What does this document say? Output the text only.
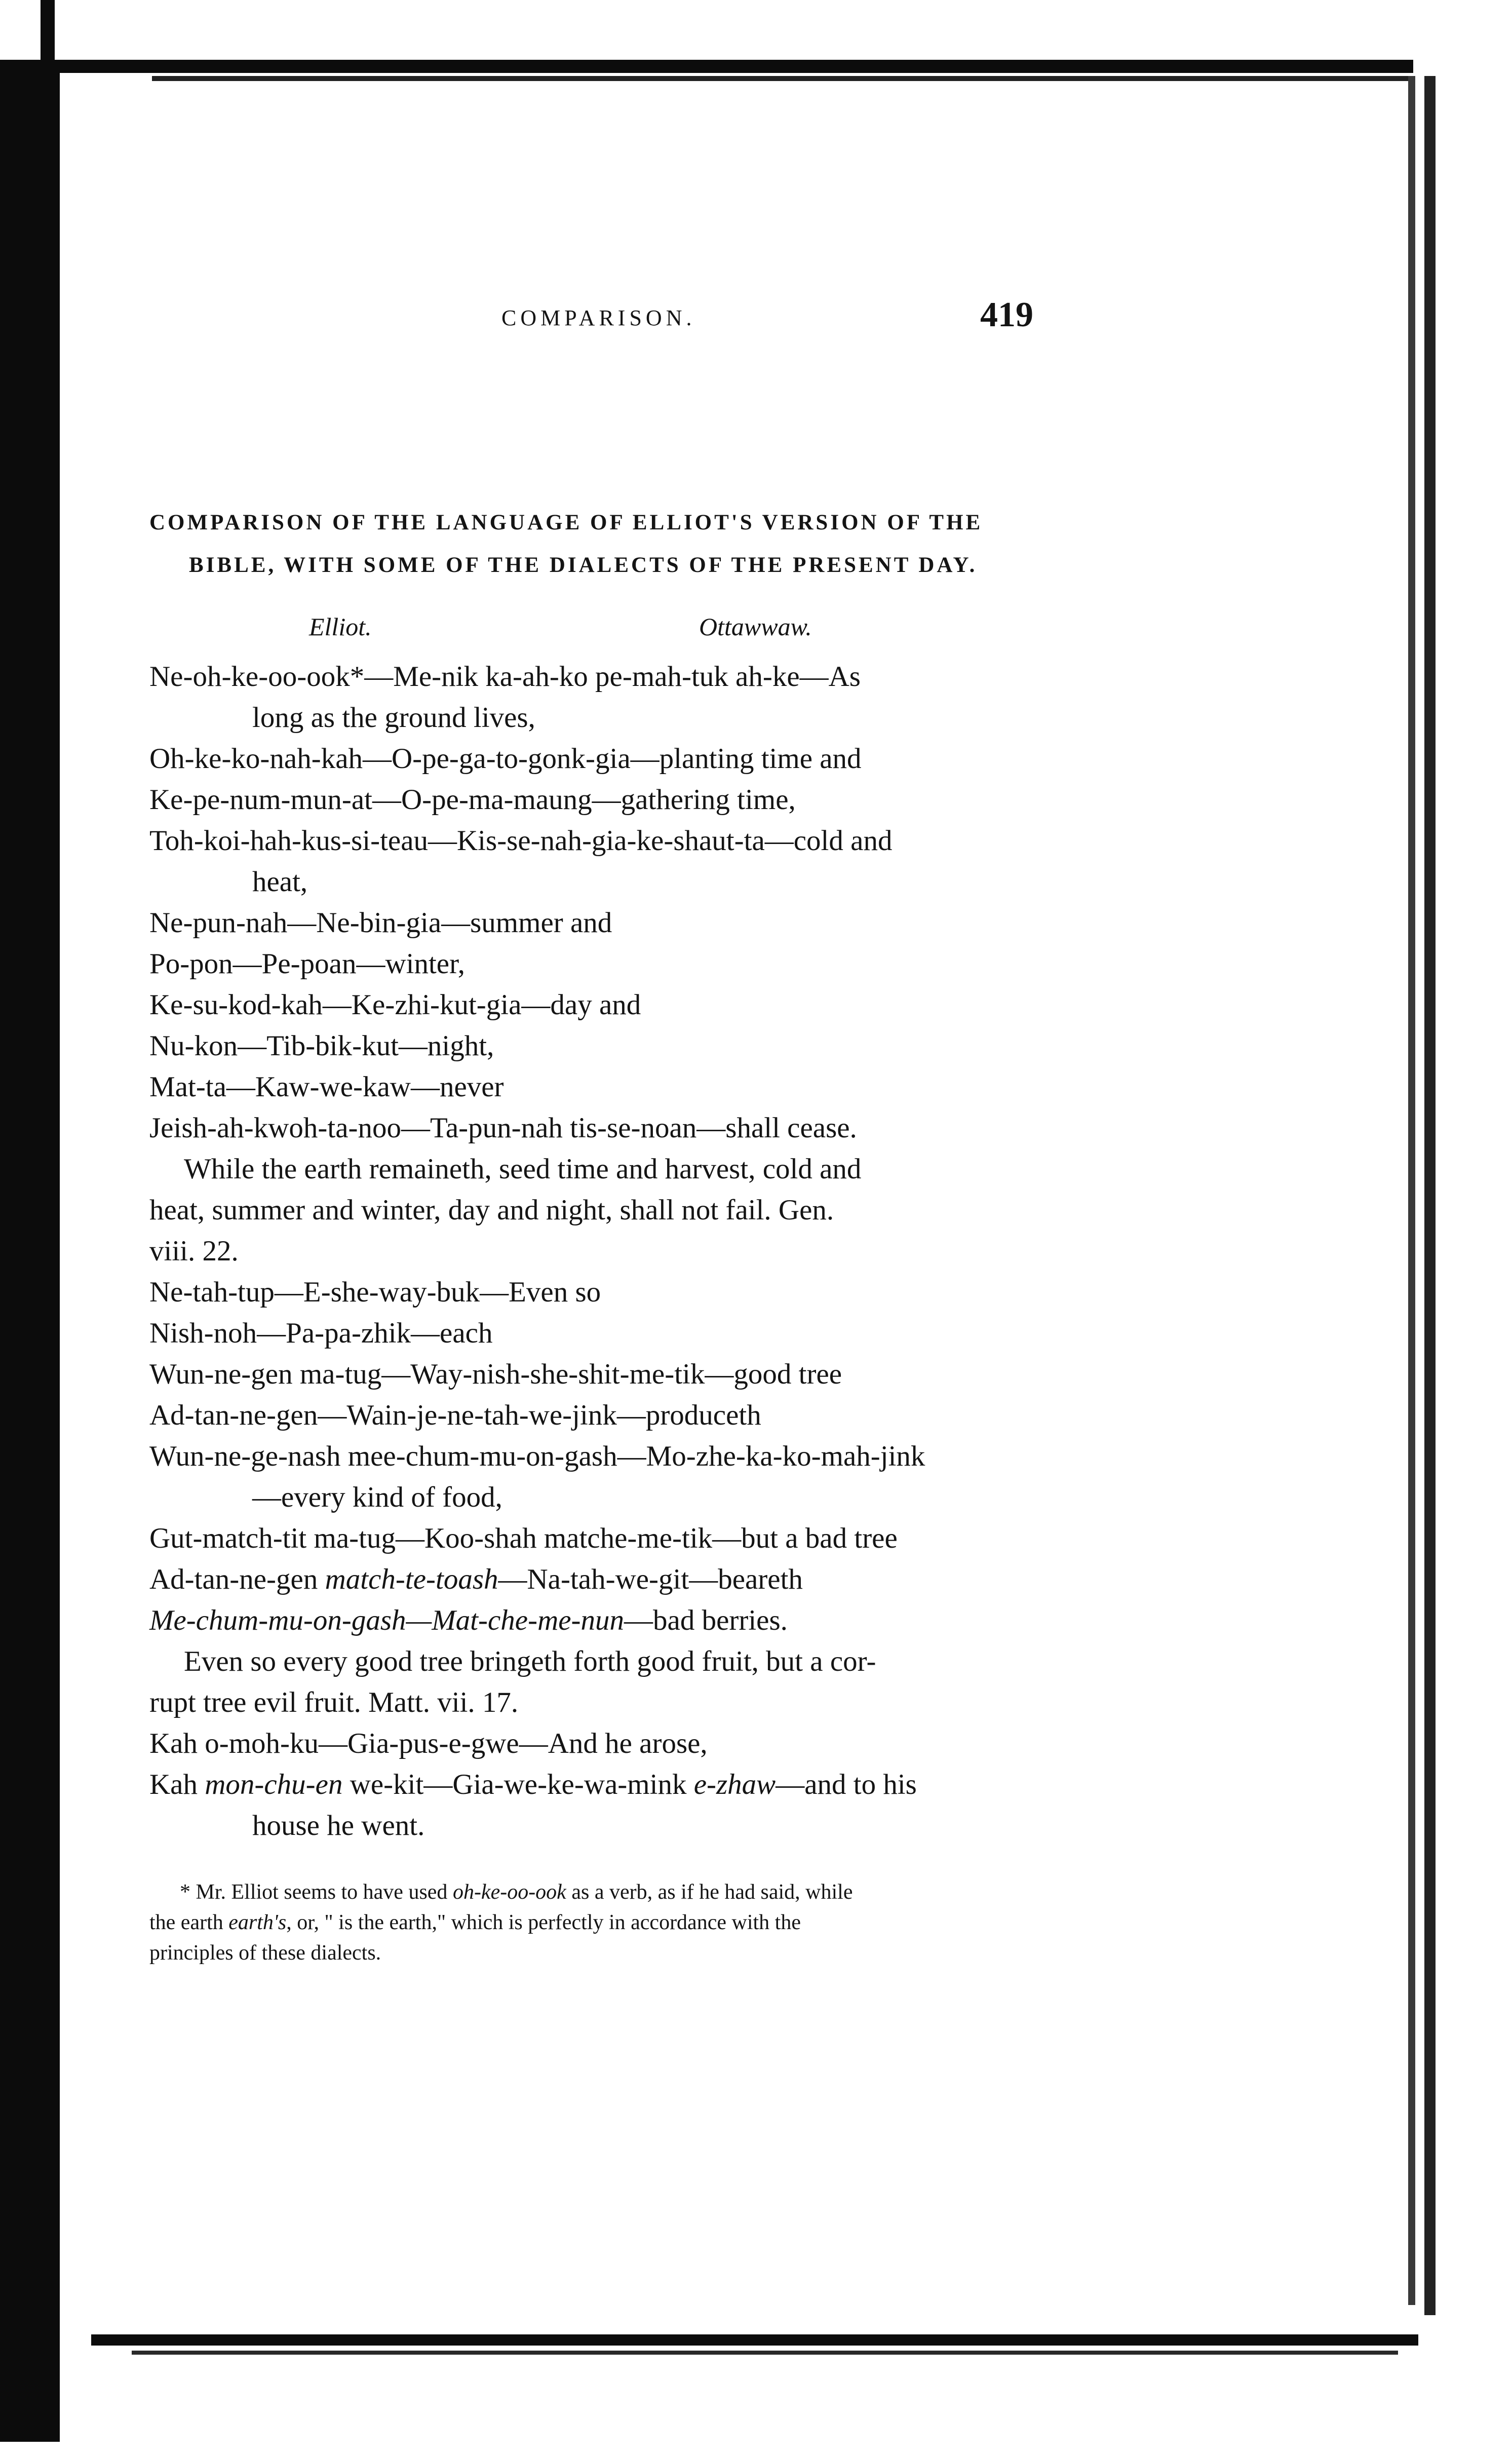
COMPARISON.	419
COMPARISON OF THE LANGUAGE OF ELLIOT'S VERSION OF THE
BIBLE, WITH SOME OF THE DIALECTS OF THE PRESENT DAY.
Elliot.	Ottawwaw.
Ne-oh-ke-oo-ook*—Me-nik ka-ah-ko pe-mah-tuk ah-ke—As
long as the ground lives,
Oh-ke-ko-nah-kah—O-pe-ga-to-gonk-gia—planting time and
Ke-pe-num-mun-at—O-pe-ma-maung—gathering time,
Toh-koi-hah-kus-si-teau—Kis-se-nah-gia-ke-shaut-ta—cold and
heat,
Ne-pun-nah—Ne-bin-gia—summer and
Po-pon—Pe-poan—winter,
Ke-su-kod-kah—Ke-zhi-kut-gia—day and
Nu-kon—Tib-bik-kut—night,
Mat-ta—Kaw-we-kaw—never
Jeish-ah-kwoh-ta-noo—Ta-pun-nah tis-se-noan—shall cease.
While the earth remaineth, seed time and harvest, cold and
heat, summer and winter, day and night, shall not fail. Gen.
viii. 22.
Ne-tah-tup—E-she-way-buk—Even so
Nish-noh—Pa-pa-zhik—each
Wun-ne-gen ma-tug—Way-nish-she-shit-me-tik—good tree
Ad-tan-ne-gen—Wain-je-ne-tah-we-jink—produceth
Wun-ne-ge-nash mee-chum-mu-on-gash—Mo-zhe-ka-ko-mah-jink
—every kind of food,
Gut-match-tit ma-tug—Koo-shah matche-me-tik—but a bad tree
Ad-tan-ne-gen match-te-toash—Na-tah-we-git—beareth
Me-chum-mu-on-gash—Mat-che-me-nun—bad berries.
Even so every good tree bringeth forth good fruit, but a cor-
rupt tree evil fruit. Matt. vii. 17.
Kah o-moh-ku—Gia-pus-e-gwe—And he arose,
Kah mon-chu-en we-kit—Gia-we-ke-wa-mink e-zhaw—and to his
house he went.
* Mr. Elliot seems to have used oh-ke-oo-ook as a verb, as if he had said, while
the earth earth's, or, " is the earth," which is perfectly in accordance with the
principles of these dialects.
